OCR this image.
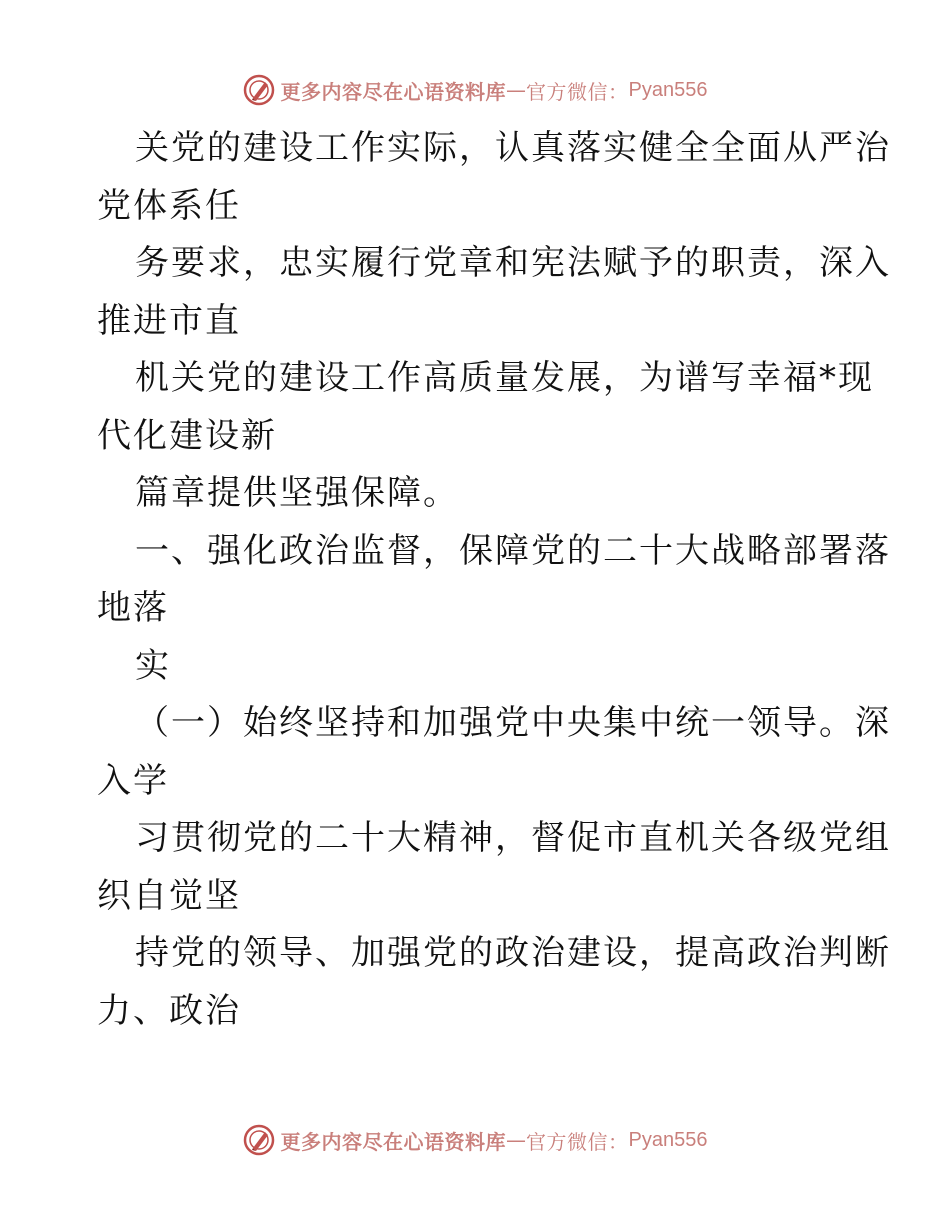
更多内容尽在心语资料库 — 官方微信： Pyan556
关党的建设工作实际，认真落实健全全面从严治
党体系任
务要求，忠实履行党章和宪法赋予的职责，深入
推进市直
机关党的建设工作高质量发展，为谱写幸福*现
代化建设新
篇章提供坚强保障。
一、强化政治监督，保障党的二十大战略部署落
地落
实
（一）始终坚持和加强党中央集中统一领导。深
入学
习贯彻党的二十大精神，督促市直机关各级党组
织自觉坚
持党的领导、加强党的政治建设，提高政治判断
力、政治
更多内容尽在心语资料库 — 官方微信： Pyan556
